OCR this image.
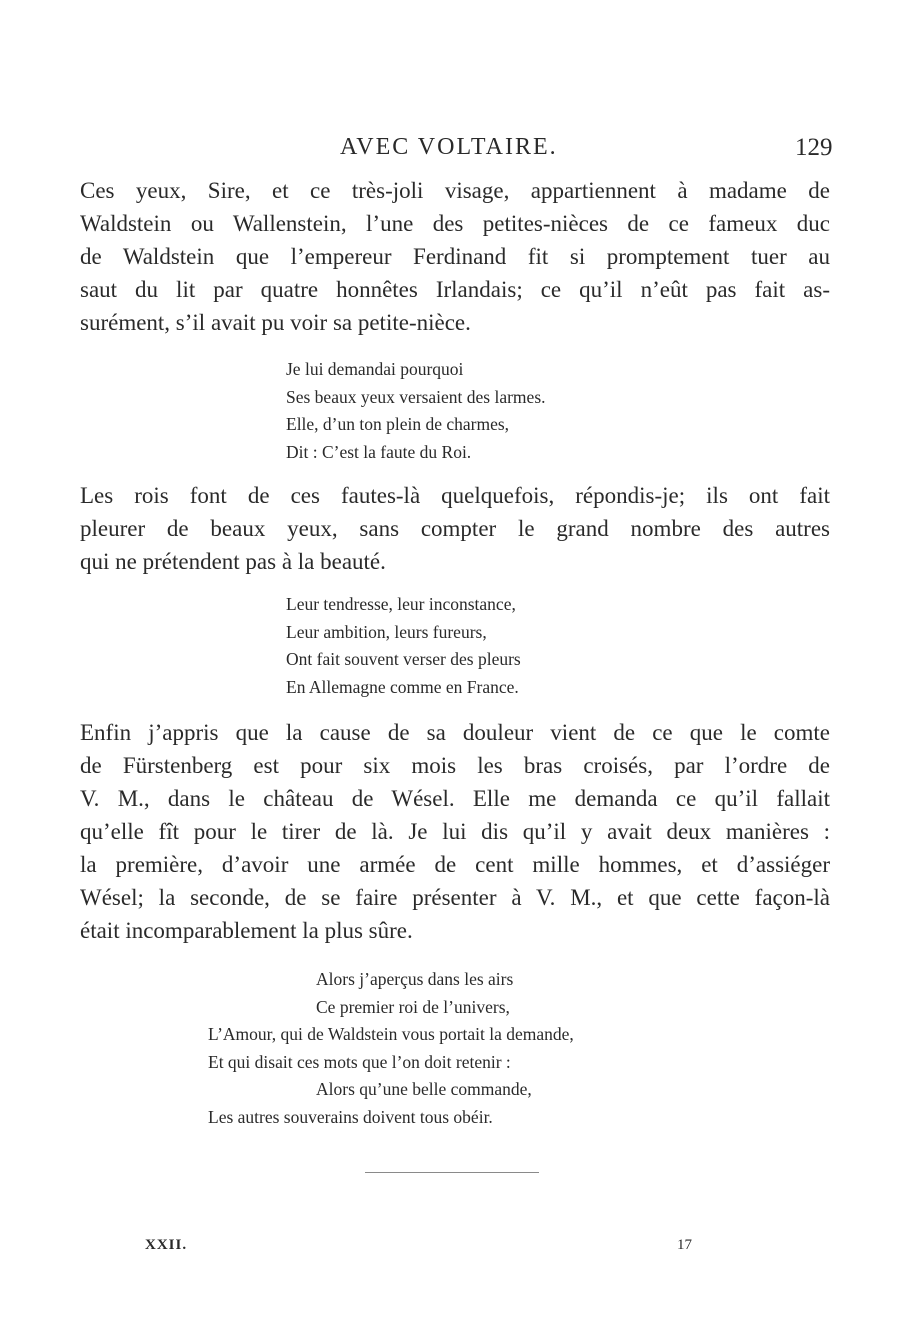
AVEC VOLTAIRE.	129
Ces yeux, Sire, et ce très-joli visage, appartiennent à madame de
Waldstein ou Wallenstein, l’une des petites-nièces de ce fameux duc
de Waldstein que l’empereur Ferdinand fit si promptement tuer au
saut du lit par quatre honnêtes Irlandais; ce qu’il n’eût pas fait as-
surément, s’il avait pu voir sa petite-nièce.
Je lui demandai pourquoi
Ses beaux yeux versaient des larmes.
Elle, d’un ton plein de charmes,
Dit : C’est la faute du Roi.
Les rois font de ces fautes-là quelquefois, répondis-je; ils ont fait
pleurer de beaux yeux, sans compter le grand nombre des autres
qui ne prétendent pas à la beauté.
Leur tendresse, leur inconstance,
Leur ambition, leurs fureurs,
Ont fait souvent verser des pleurs
En Allemagne comme en France.
Enfin j’appris que la cause de sa douleur vient de ce que le comte
de Fürstenberg est pour six mois les bras croisés, par l’ordre de
V. M., dans le château de Wésel. Elle me demanda ce qu’il fallait
qu’elle fît pour le tirer de là. Je lui dis qu’il y avait deux manières :
la première, d’avoir une armée de cent mille hommes, et d’assiéger
Wésel; la seconde, de se faire présenter à V. M., et que cette façon-là
était incomparablement la plus sûre.
Alors j’aperçus dans les airs
Ce premier roi de l’univers,
L’Amour, qui de Waldstein vous portait la demande,
Et qui disait ces mots que l’on doit retenir :
Alors qu’une belle commande,
Les autres souverains doivent tous obéir.
XXII.	17
